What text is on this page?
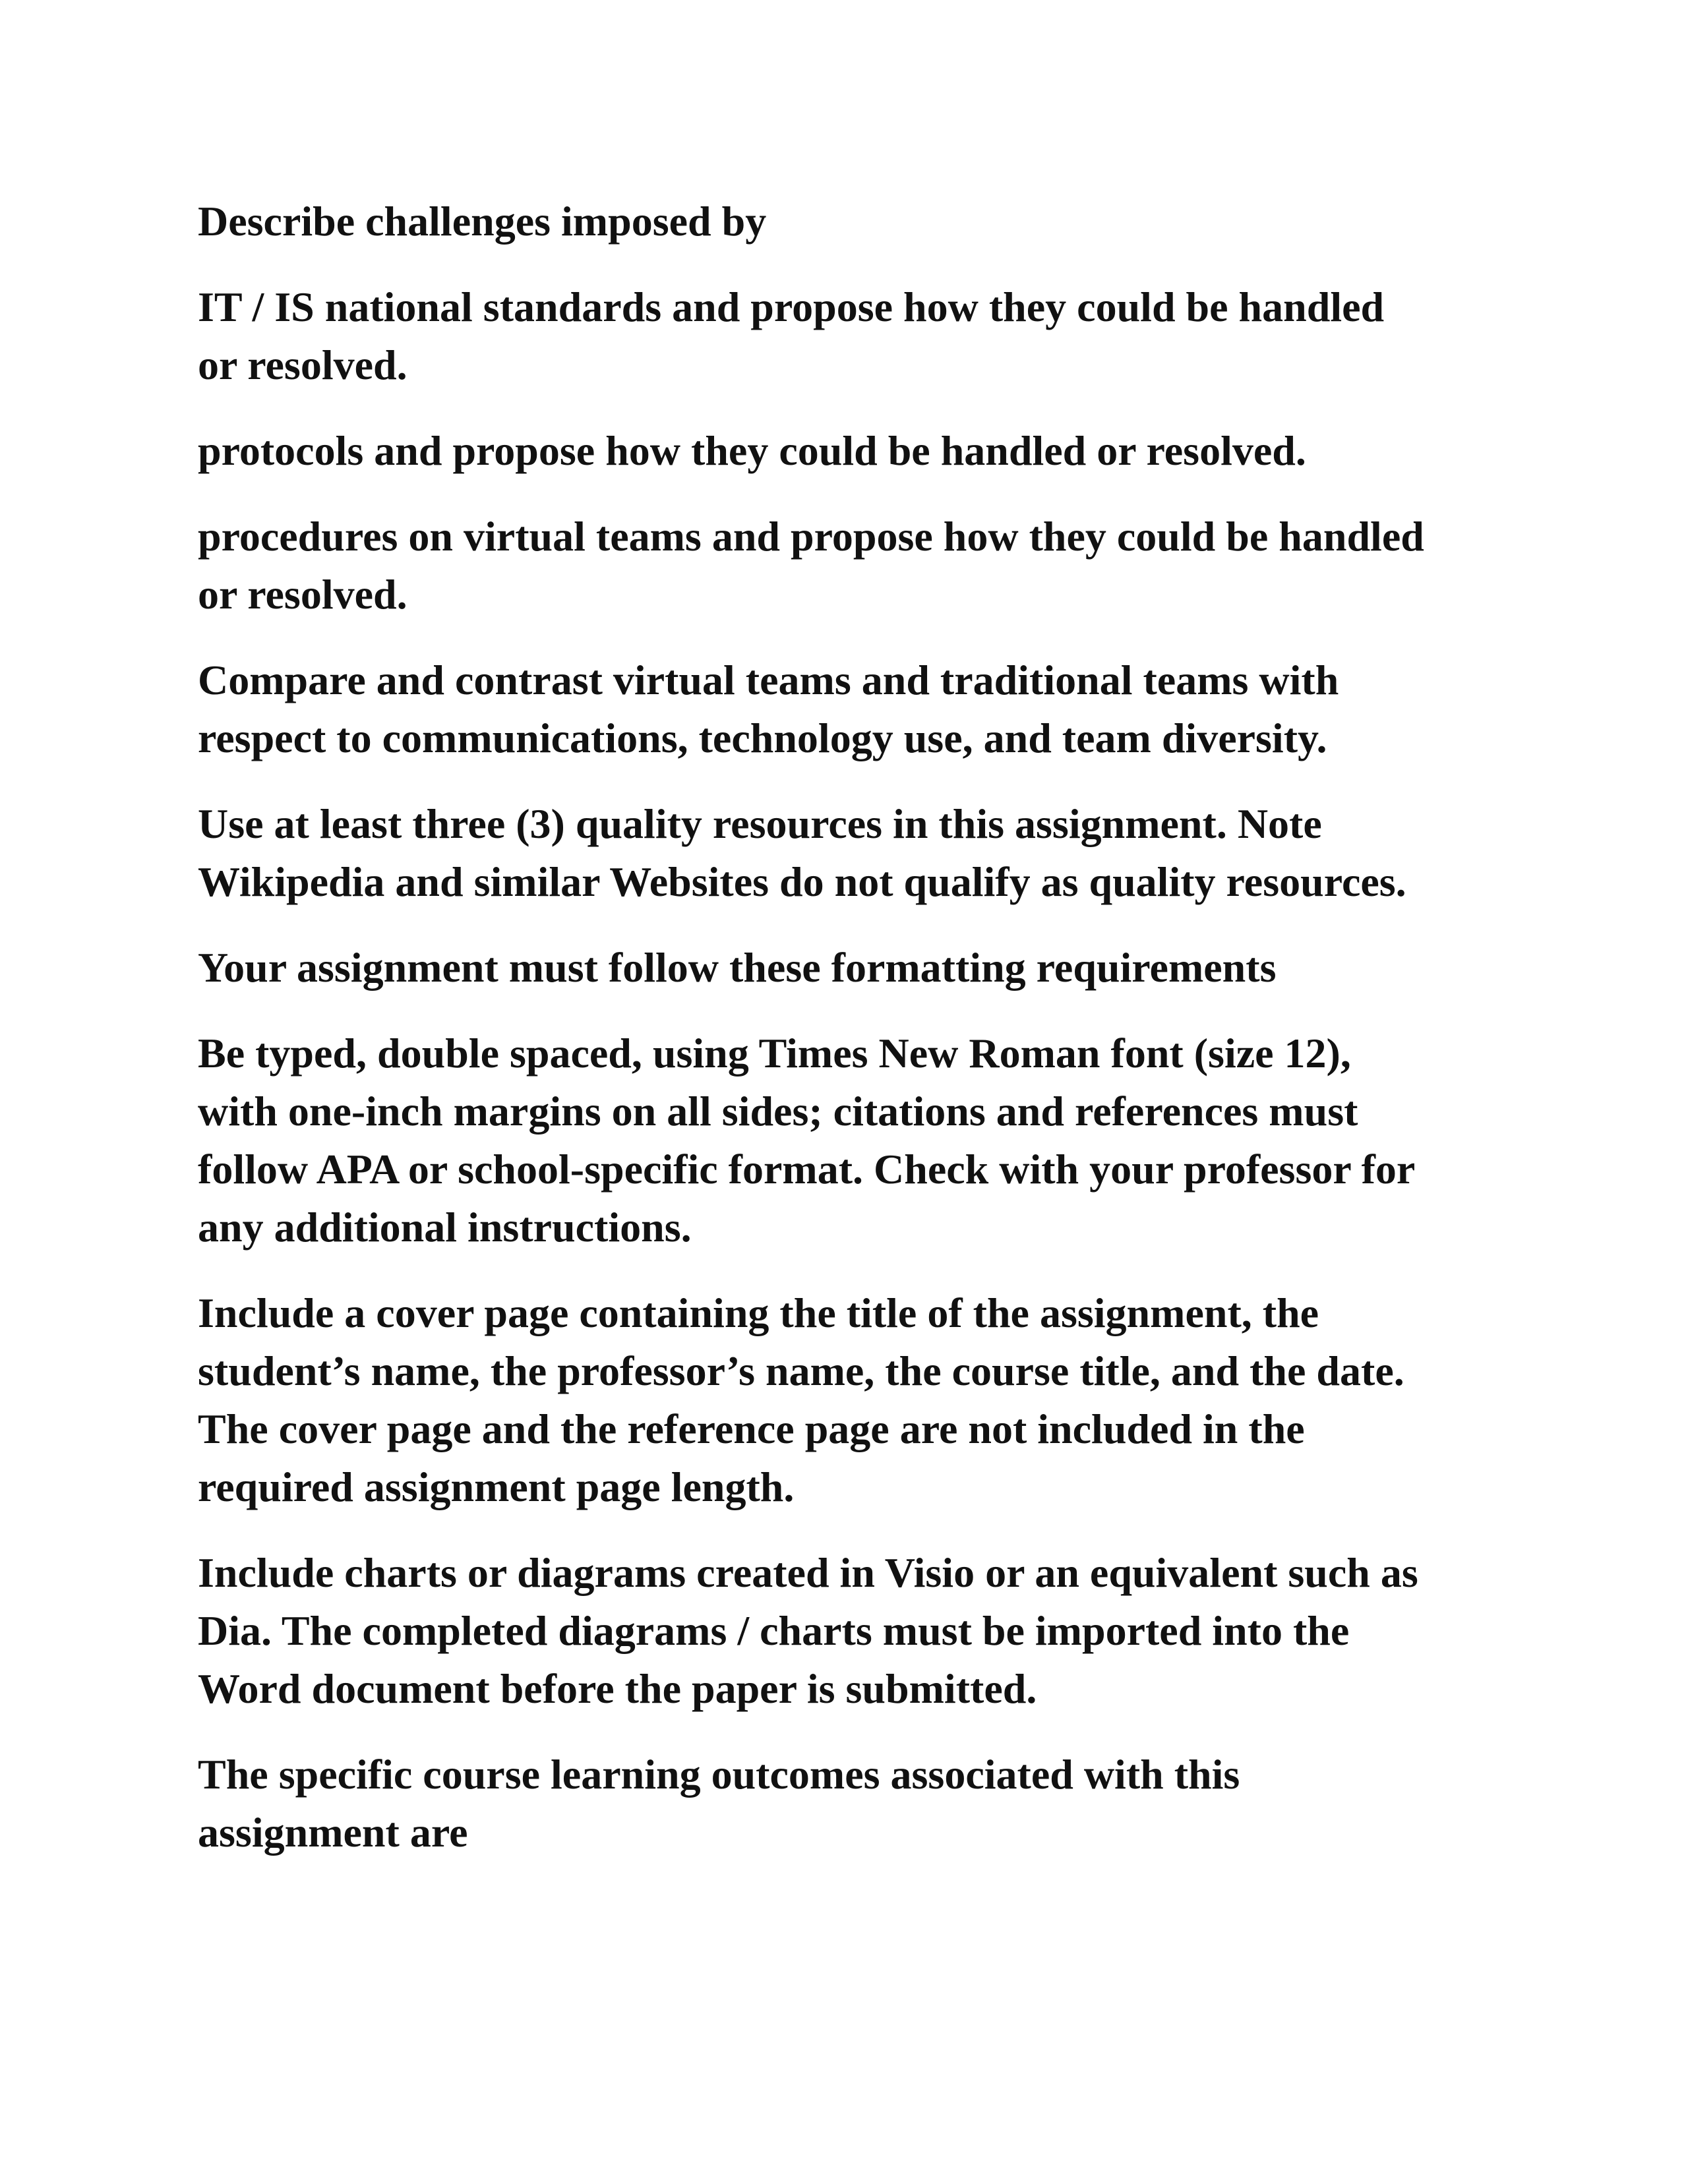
Describe challenges imposed by

IT / IS national standards and propose how they could be handled
or resolved.

protocols and propose how they could be handled or resolved.

procedures on virtual teams and propose how they could be handled
or resolved.

Compare and contrast virtual teams and traditional teams with
respect to communications, technology use, and team diversity.

Use at least three (3) quality resources in this assignment. Note
Wikipedia and similar Websites do not qualify as quality resources.

Your assignment must follow these formatting requirements

Be typed, double spaced, using Times New Roman font (size 12),
with one-inch margins on all sides; citations and references must
follow APA or school-specific format. Check with your professor for
any additional instructions.

Include a cover page containing the title of the assignment, the
student’s name, the professor’s name, the course title, and the date.
The cover page and the reference page are not included in the
required assignment page length.

Include charts or diagrams created in Visio or an equivalent such as
Dia. The completed diagrams / charts must be imported into the
Word document before the paper is submitted.

The specific course learning outcomes associated with this
assignment are
